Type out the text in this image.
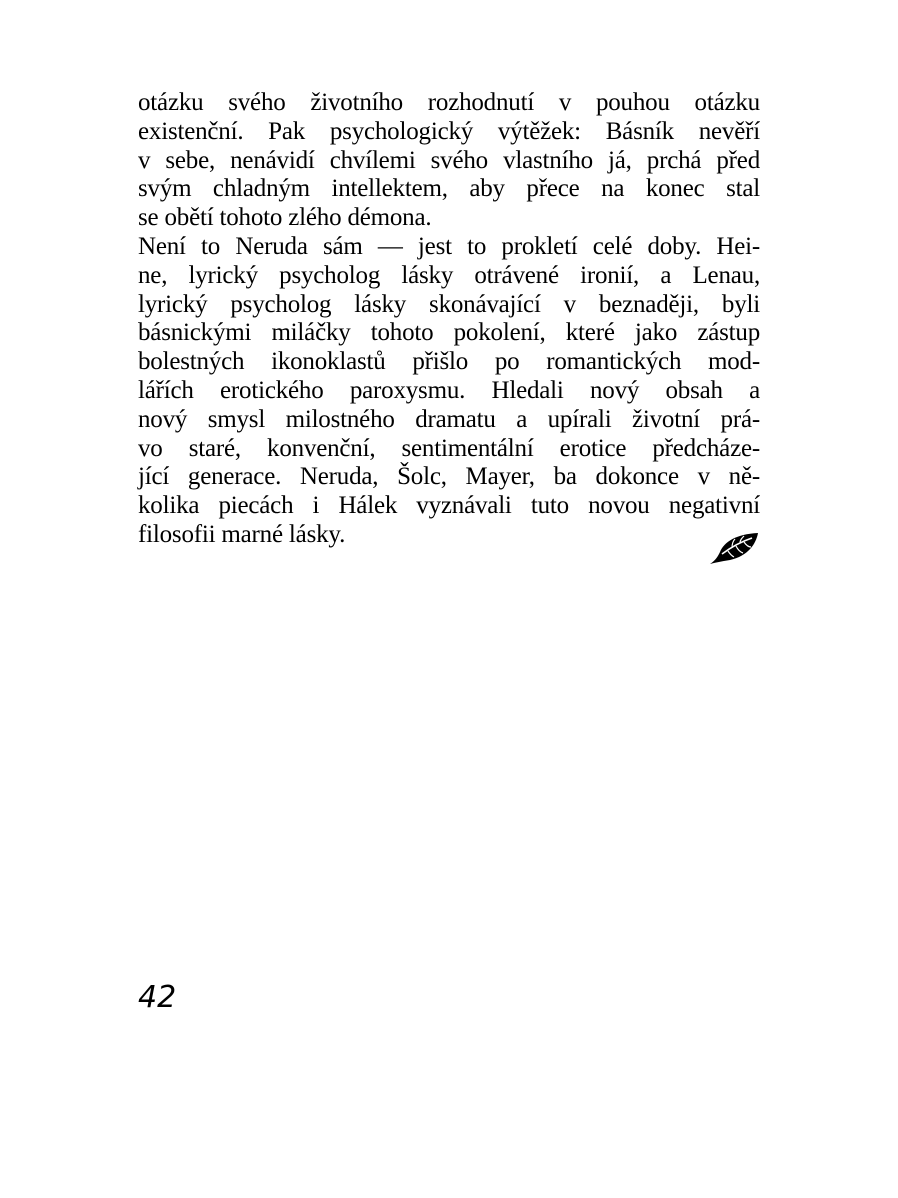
otázku svého životního rozhodnutí v pouhou otázku
existenční. Pak psychologický výtěžek: Básník nevěří
v sebe, nenávidí chvílemi svého vlastního já, prchá před
svým chladným intellektem, aby přece na konec stal
se obětí tohoto zlého démona.
Není to Neruda sám — jest to prokletí celé doby. Hei-
ne, lyrický psycholog lásky otrávené ironií, a Lenau,
lyrický psycholog lásky skonávající v beznaději, byli
básnickými miláčky tohoto pokolení, které jako zástup
bolestných ikonoklastů přišlo po romantických mod-
lářích erotického paroxysmu. Hledali nový obsah a
nový smysl milostného dramatu a upírali životní prá-
vo staré, konvenční, sentimentální erotice předcháze-
jící generace. Neruda, Šolc, Mayer, ba dokonce v ně-
kolika piecách i Hálek vyznávali tuto novou negativní
filosofii marné lásky.
42
